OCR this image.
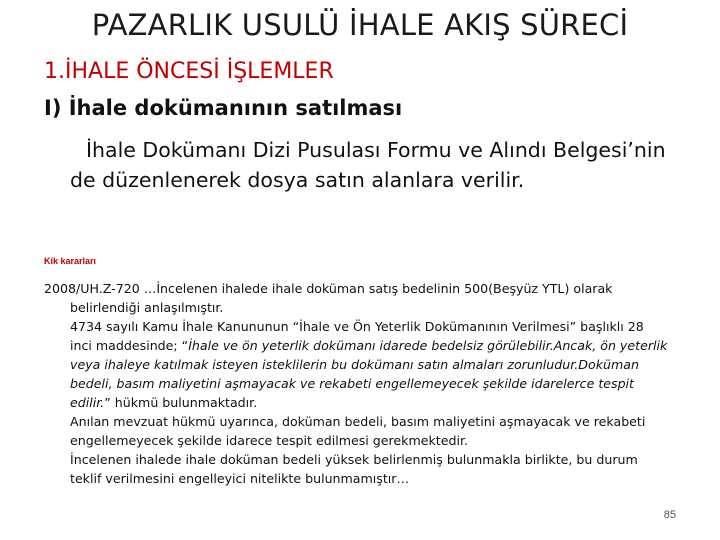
PAZARLIK USULÜ İHALE AKIŞ SÜRECİ
1.İHALE ÖNCESİ İŞLEMLER
I) İhale dokümanının satılması
İhale Dokümanı Dizi Pusulası Formu ve Alındı Belgesi’nin de düzenlenerek dosya satın alanlara verilir.
Kik kararları
2008/UH.Z-720 …İncelenen ihalede ihale doküman satış bedelinin 500(Beşyüz YTL) olarak
belirlendiği anlaşılmıştır.
4734 sayılı Kamu İhale Kanununun “İhale ve Ön Yeterlik Dokümanının Verilmesi” başlıklı 28
inci maddesinde; “İhale ve ön yeterlik dokümanı idarede bedelsiz görülebilir.Ancak, ön yeterlik
veya ihaleye katılmak isteyen isteklilerin bu dokümanı satın almaları zorunludur.Doküman
bedeli, basım maliyetini aşmayacak ve rekabeti engellemeyecek şekilde idarelerce tespit
edilir.” hükmü bulunmaktadır.
Anılan mevzuat hükmü uyarınca, doküman bedeli, basım maliyetini aşmayacak ve rekabeti
engellemeyecek şekilde idarece tespit edilmesi gerekmektedir.
İncelenen ihalede ihale doküman bedeli yüksek belirlenmiş bulunmakla birlikte, bu durum
teklif verilmesini engelleyici nitelikte bulunmamıştır…
85
